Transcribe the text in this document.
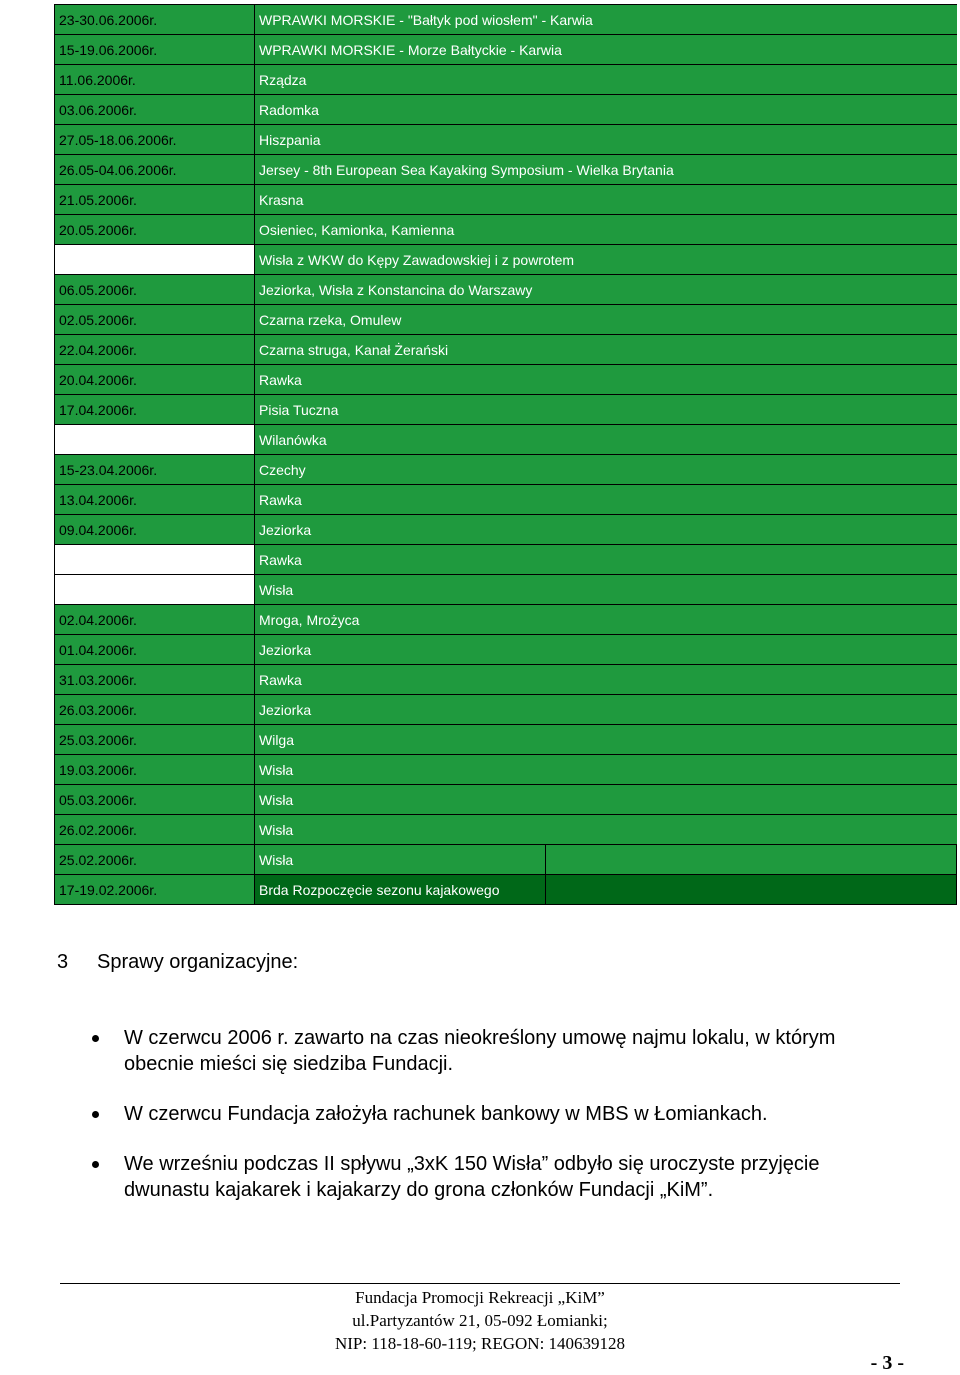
23-30.06.2006r.	WPRAWKI MORSKIE - "Bałtyk pod wiosłem" - Karwia	
15-19.06.2006r.	WPRAWKI MORSKIE - Morze Bałtyckie - Karwia	
11.06.2006r.	Rządza	
03.06.2006r.	Radomka	
27.05-18.06.2006r.	Hiszpania	
26.05-04.06.2006r.	Jersey - 8th European Sea Kayaking Symposium - Wielka Brytania	
21.05.2006r.	Krasna	
20.05.2006r.	Osieniec, Kamionka, Kamienna	
	Wisła z WKW do Kępy Zawadowskiej i z powrotem	
06.05.2006r.	Jeziorka, Wisła z Konstancina do Warszawy	
02.05.2006r.	Czarna rzeka, Omulew	
22.04.2006r.	Czarna struga, Kanał Żerański	
20.04.2006r.	Rawka	
17.04.2006r.	Pisia Tuczna	
	Wilanówka	
15-23.04.2006r.	Czechy	
13.04.2006r.	Rawka	
09.04.2006r.	Jeziorka	
	Rawka	
	Wisła	
02.04.2006r.	Mroga, Mrożyca	
01.04.2006r.	Jeziorka	
31.03.2006r.	Rawka	
26.03.2006r.	Jeziorka	
25.03.2006r.	Wilga	
19.03.2006r.	Wisła	
05.03.2006r.	Wisła	
26.02.2006r.	Wisła	
25.02.2006r.	Wisła	
17-19.02.2006r.	Brda Rozpoczęcie sezonu kajakowego	
3 Sprawy organizacyjne:
W czerwcu 2006 r. zawarto na czas nieokreślony umowę najmu lokalu, w którym obecnie mieści się siedziba Fundacji.
W czerwcu Fundacja założyła rachunek bankowy w MBS w Łomiankach.
We wrześniu podczas II spływu „3xK 150 Wisła” odbyło się uroczyste przyjęcie dwunastu kajakarek i kajakarzy do grona członków Fundacji „KiM”.
Fundacja Promocji Rekreacji „KiM”
ul.Partyzantów 21, 05-092 Łomianki;
NIP: 118-18-60-119; REGON: 140639128
- 3 -
